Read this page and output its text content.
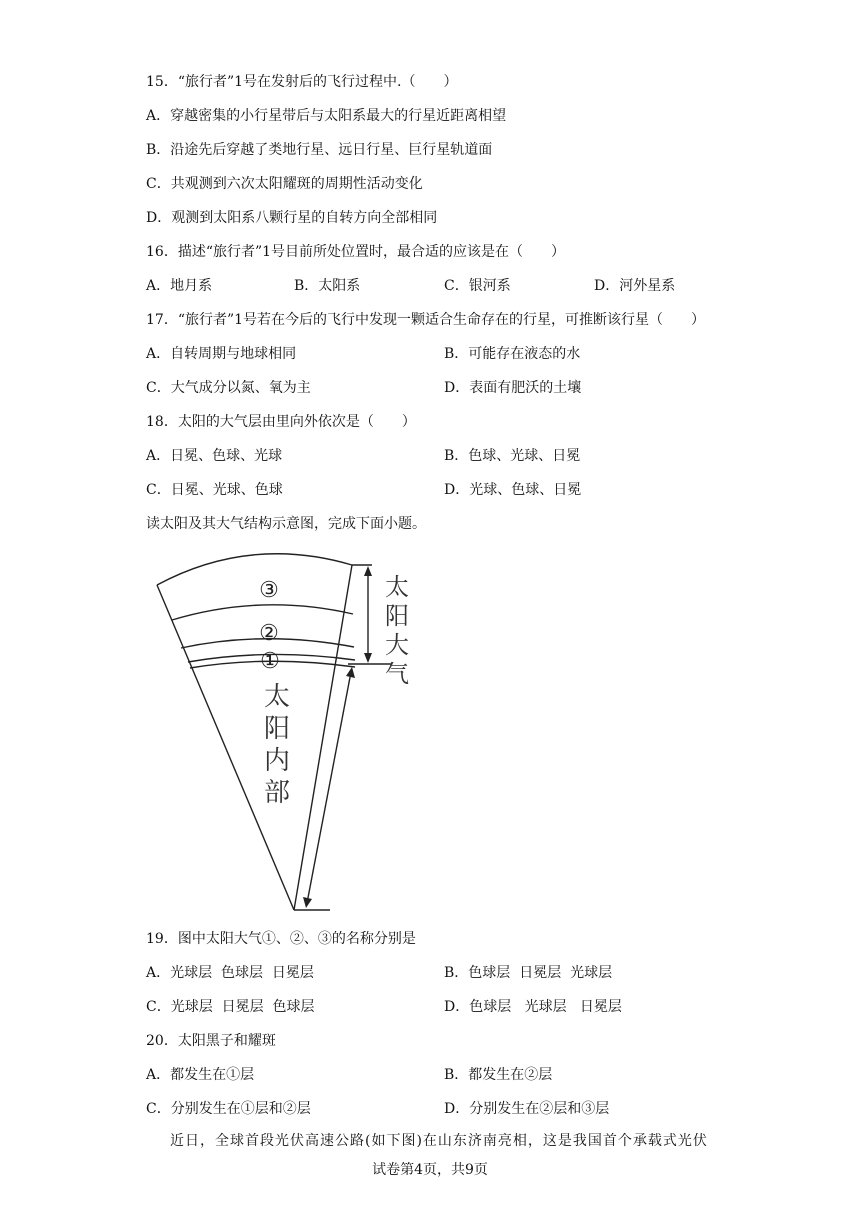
15．“旅行者”1号在发射后的飞行过程中.（　　）
A．穿越密集的小行星带后与太阳系最大的行星近距离相望
B．沿途先后穿越了类地行星、远日行星、巨行星轨道面
C．共观测到六次太阳耀斑的周期性活动变化
D．观测到太阳系八颗行星的自转方向全部相同
16．描述“旅行者”1号目前所处位置时，最合适的应该是在（　　）
A．地月系	B．太阳系	C．银河系	D．河外星系
17．“旅行者”1号若在今后的飞行中发现一颗适合生命存在的行星，可推断该行星（　　）
A．自转周期与地球相同	B．可能存在液态的水
C．大气成分以氮、氧为主	D．表面有肥沃的土壤
18．太阳的大气层由里向外依次是（　　）
A．日冕、色球、光球	B．色球、光球、日冕
C．日冕、光球、色球	D．光球、色球、日冕
读太阳及其大气结构示意图，完成下面小题。
③
②
①
太
阳
大
气
太
阳
内
部
19．图中太阳大气①、②、③的名称分别是
A．光球层  色球层  日冕层	B．色球层  日冕层  光球层
C．光球层  日冕层  色球层	D．色球层   光球层   日冕层
20．太阳黑子和耀斑
A．都发生在①层	B．都发生在②层
C．分别发生在①层和②层	D．分别发生在②层和③层
近日，全球首段光伏高速公路(如下图)在山东济南亮相，这是我国首个承载式光伏
试卷第4页，共9页
